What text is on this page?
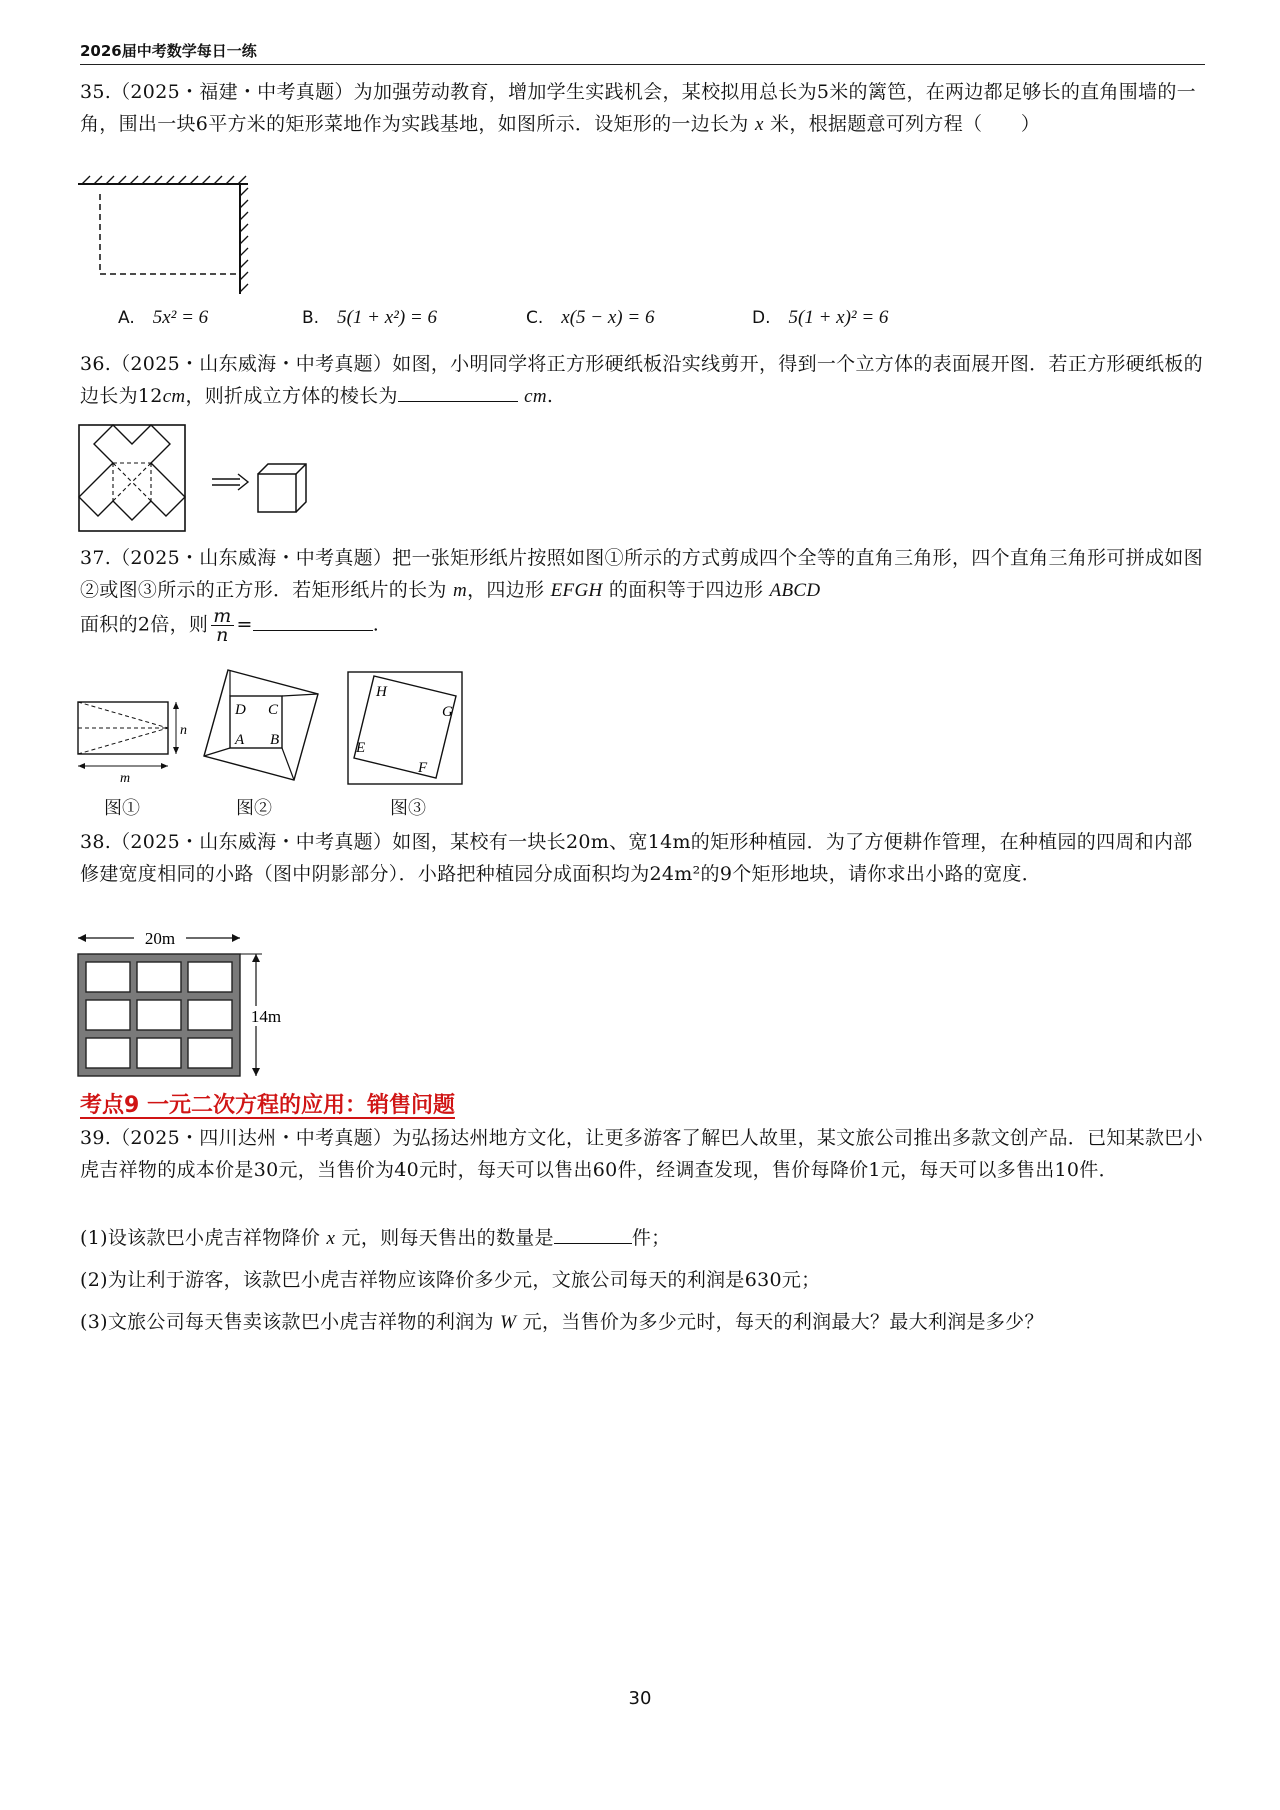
2026届中考数学每日一练

35.（2025・福建・中考真题）为加强劳动教育，增加学生实践机会，某校拟用总长为5米的篱笆，在两边都足够长的直角围墙的一角，围出一块6平方米的矩形菜地作为实践基地，如图所示．设矩形的一边长为 x 米，根据题意可列方程（　　）

A. 5x² = 6	B. 5(1 + x²) = 6	C. x(5 − x) = 6	D. 5(1 + x)² = 6

36.（2025・山东威海・中考真题）如图，小明同学将正方形硬纸板沿实线剪开，得到一个立方体的表面展开图．若正方形硬纸板的边长为12cm，则折成立方体的棱长为	cm.

37.（2025・山东威海・中考真题）把一张矩形纸片按照如图①所示的方式剪成四个全等的直角三角形，四个直角三角形可拼成如图②或图③所示的正方形．若矩形纸片的长为 m，四边形 EFGH 的面积等于四边形 ABCD
面积的2倍，则 $\frac{m}{n}$ =	.

n
m
D C
A B
H
G
E
F
图①	图②	图③

38.（2025・山东威海・中考真题）如图，某校有一块长20m、宽14m的矩形种植园．为了方便耕作管理，在种植园的四周和内部修建宽度相同的小路（图中阴影部分）．小路把种植园分成面积均为24m²的9个矩形地块，请你求出小路的宽度．

20m
14m
考点9 一元二次方程的应用：销售问题

39.（2025・四川达州・中考真题）为弘扬达州地方文化，让更多游客了解巴人故里，某文旅公司推出多款文创产品．已知某款巴小虎吉祥物的成本价是30元，当售价为40元时，每天可以售出60件，经调查发现，售价每降价1元，每天可以多售出10件．

(1)设该款巴小虎吉祥物降价 x 元，则每天售出的数量是	件；

(2)为让利于游客，该款巴小虎吉祥物应该降价多少元，文旅公司每天的利润是630元；

(3)文旅公司每天售卖该款巴小虎吉祥物的利润为 W 元，当售价为多少元时，每天的利润最大？最大利润是多少？

30
